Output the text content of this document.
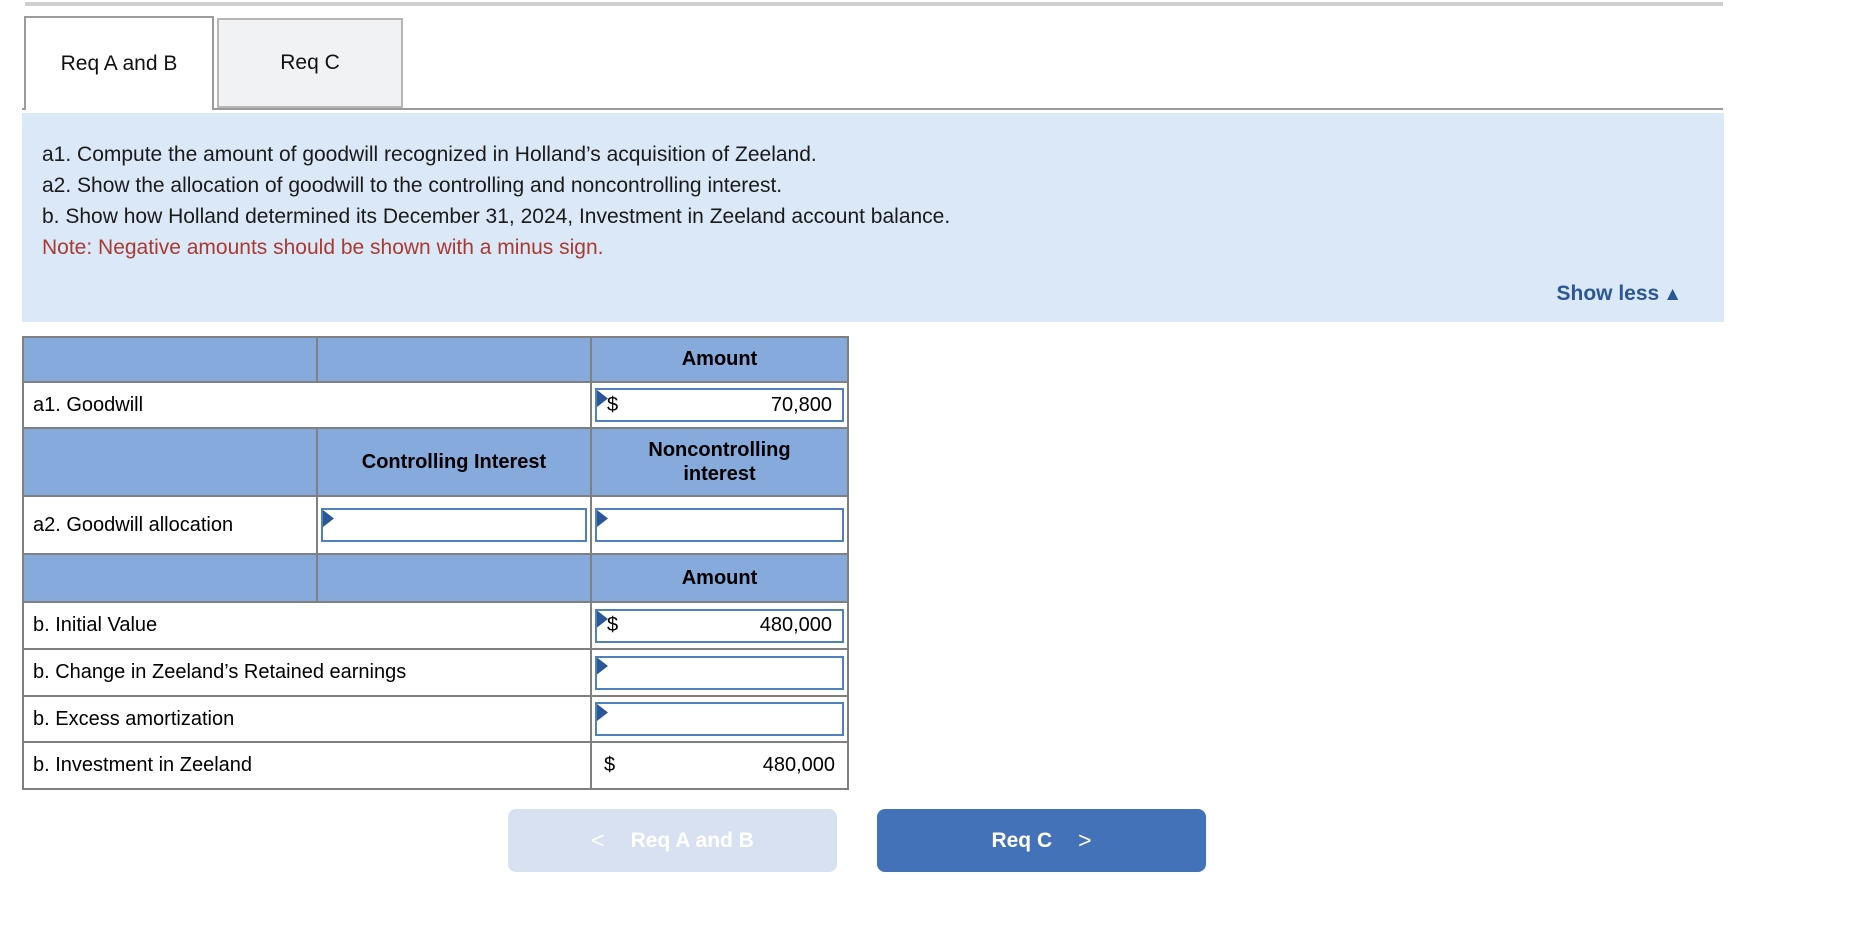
Req A and B	Req C
a1. Compute the amount of goodwill recognized in Holland’s acquisition of Zeeland.
a2. Show the allocation of goodwill to the controlling and noncontrolling interest.
b. Show how Holland determined its December 31, 2024, Investment in Zeeland account balance.
Note: Negative amounts should be shown with a minus sign.
Show less ▲
		Amount
a1. Goodwill		$ 70,800

	Controlling Interest	Noncontrolling interest

a2. Goodwill allocation	

		Amount
b. Initial Value		$ 480,000

b. Change in Zeeland’s Retained earnings		

b. Excess amortization		

b. Investment in Zeeland		$ 480,000
< Req A and B	Req C >
